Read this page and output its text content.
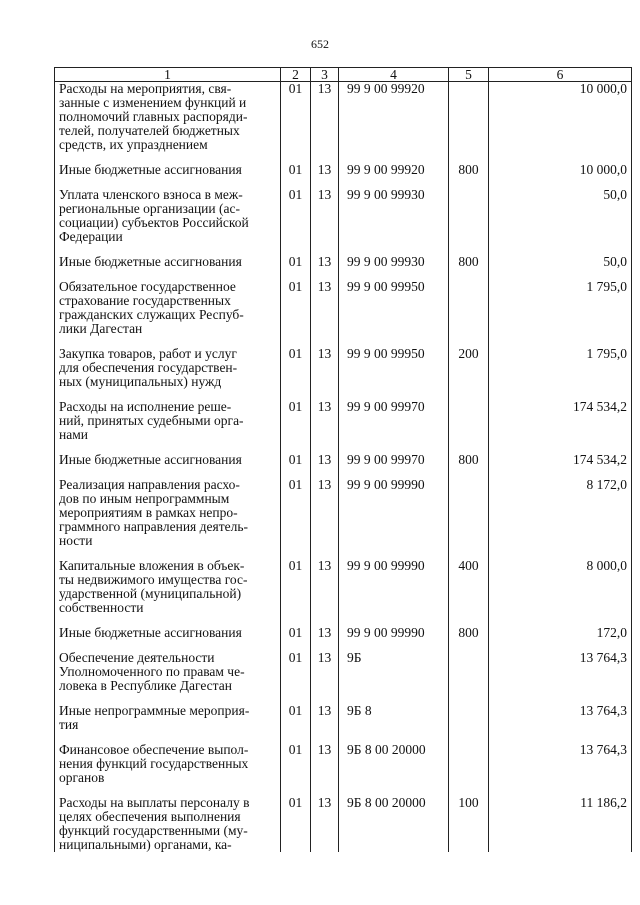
652
1	2	3	4	5	6

Расходы на мероприятия, свя-
занные с изменением функций и
полномочий главных распоряди-
телей, получателей бюджетных
средств, их упразднением	01	13	99 9 00 99920		10 000,0

Иные бюджетные ассигнования	01	13	99 9 00 99920	800	10 000,0

Уплата членского взноса в меж-
региональные организации (ас-
социации) субъектов Российской
Федерации	01	13	99 9 00 99930		50,0

Иные бюджетные ассигнования	01	13	99 9 00 99930	800	50,0

Обязательное государственное
страхование государственных
гражданских служащих Респуб-
лики Дагестан	01	13	99 9 00 99950		1 795,0

Закупка товаров, работ и услуг
для обеспечения государствен-
ных (муниципальных) нужд	01	13	99 9 00 99950	200	1 795,0

Расходы на исполнение реше-
ний, принятых судебными орга-
нами	01	13	99 9 00 99970		174 534,2

Иные бюджетные ассигнования	01	13	99 9 00 99970	800	174 534,2

Реализация направления расхо-
дов по иным непрограммным
мероприятиям в рамках непро-
граммного направления деятель-
ности	01	13	99 9 00 99990		8 172,0

Капитальные вложения в объек-
ты недвижимого имущества гос-
ударственной (муниципальной)
собственности	01	13	99 9 00 99990	400	8 000,0

Иные бюджетные ассигнования	01	13	99 9 00 99990	800	172,0

Обеспечение деятельности
Уполномоченного по правам че-
ловека в Республике Дагестан	01	13	9Б		13 764,3

Иные непрограммные мероприя-
тия	01	13	9Б 8		13 764,3

Финансовое обеспечение выпол-
нения функций государственных
органов	01	13	9Б 8 00 20000		13 764,3

Расходы на выплаты персоналу в
целях обеспечения выполнения
функций государственными (му-
ниципальными) органами, ка-	01	13	9Б 8 00 20000	100	11 186,2
